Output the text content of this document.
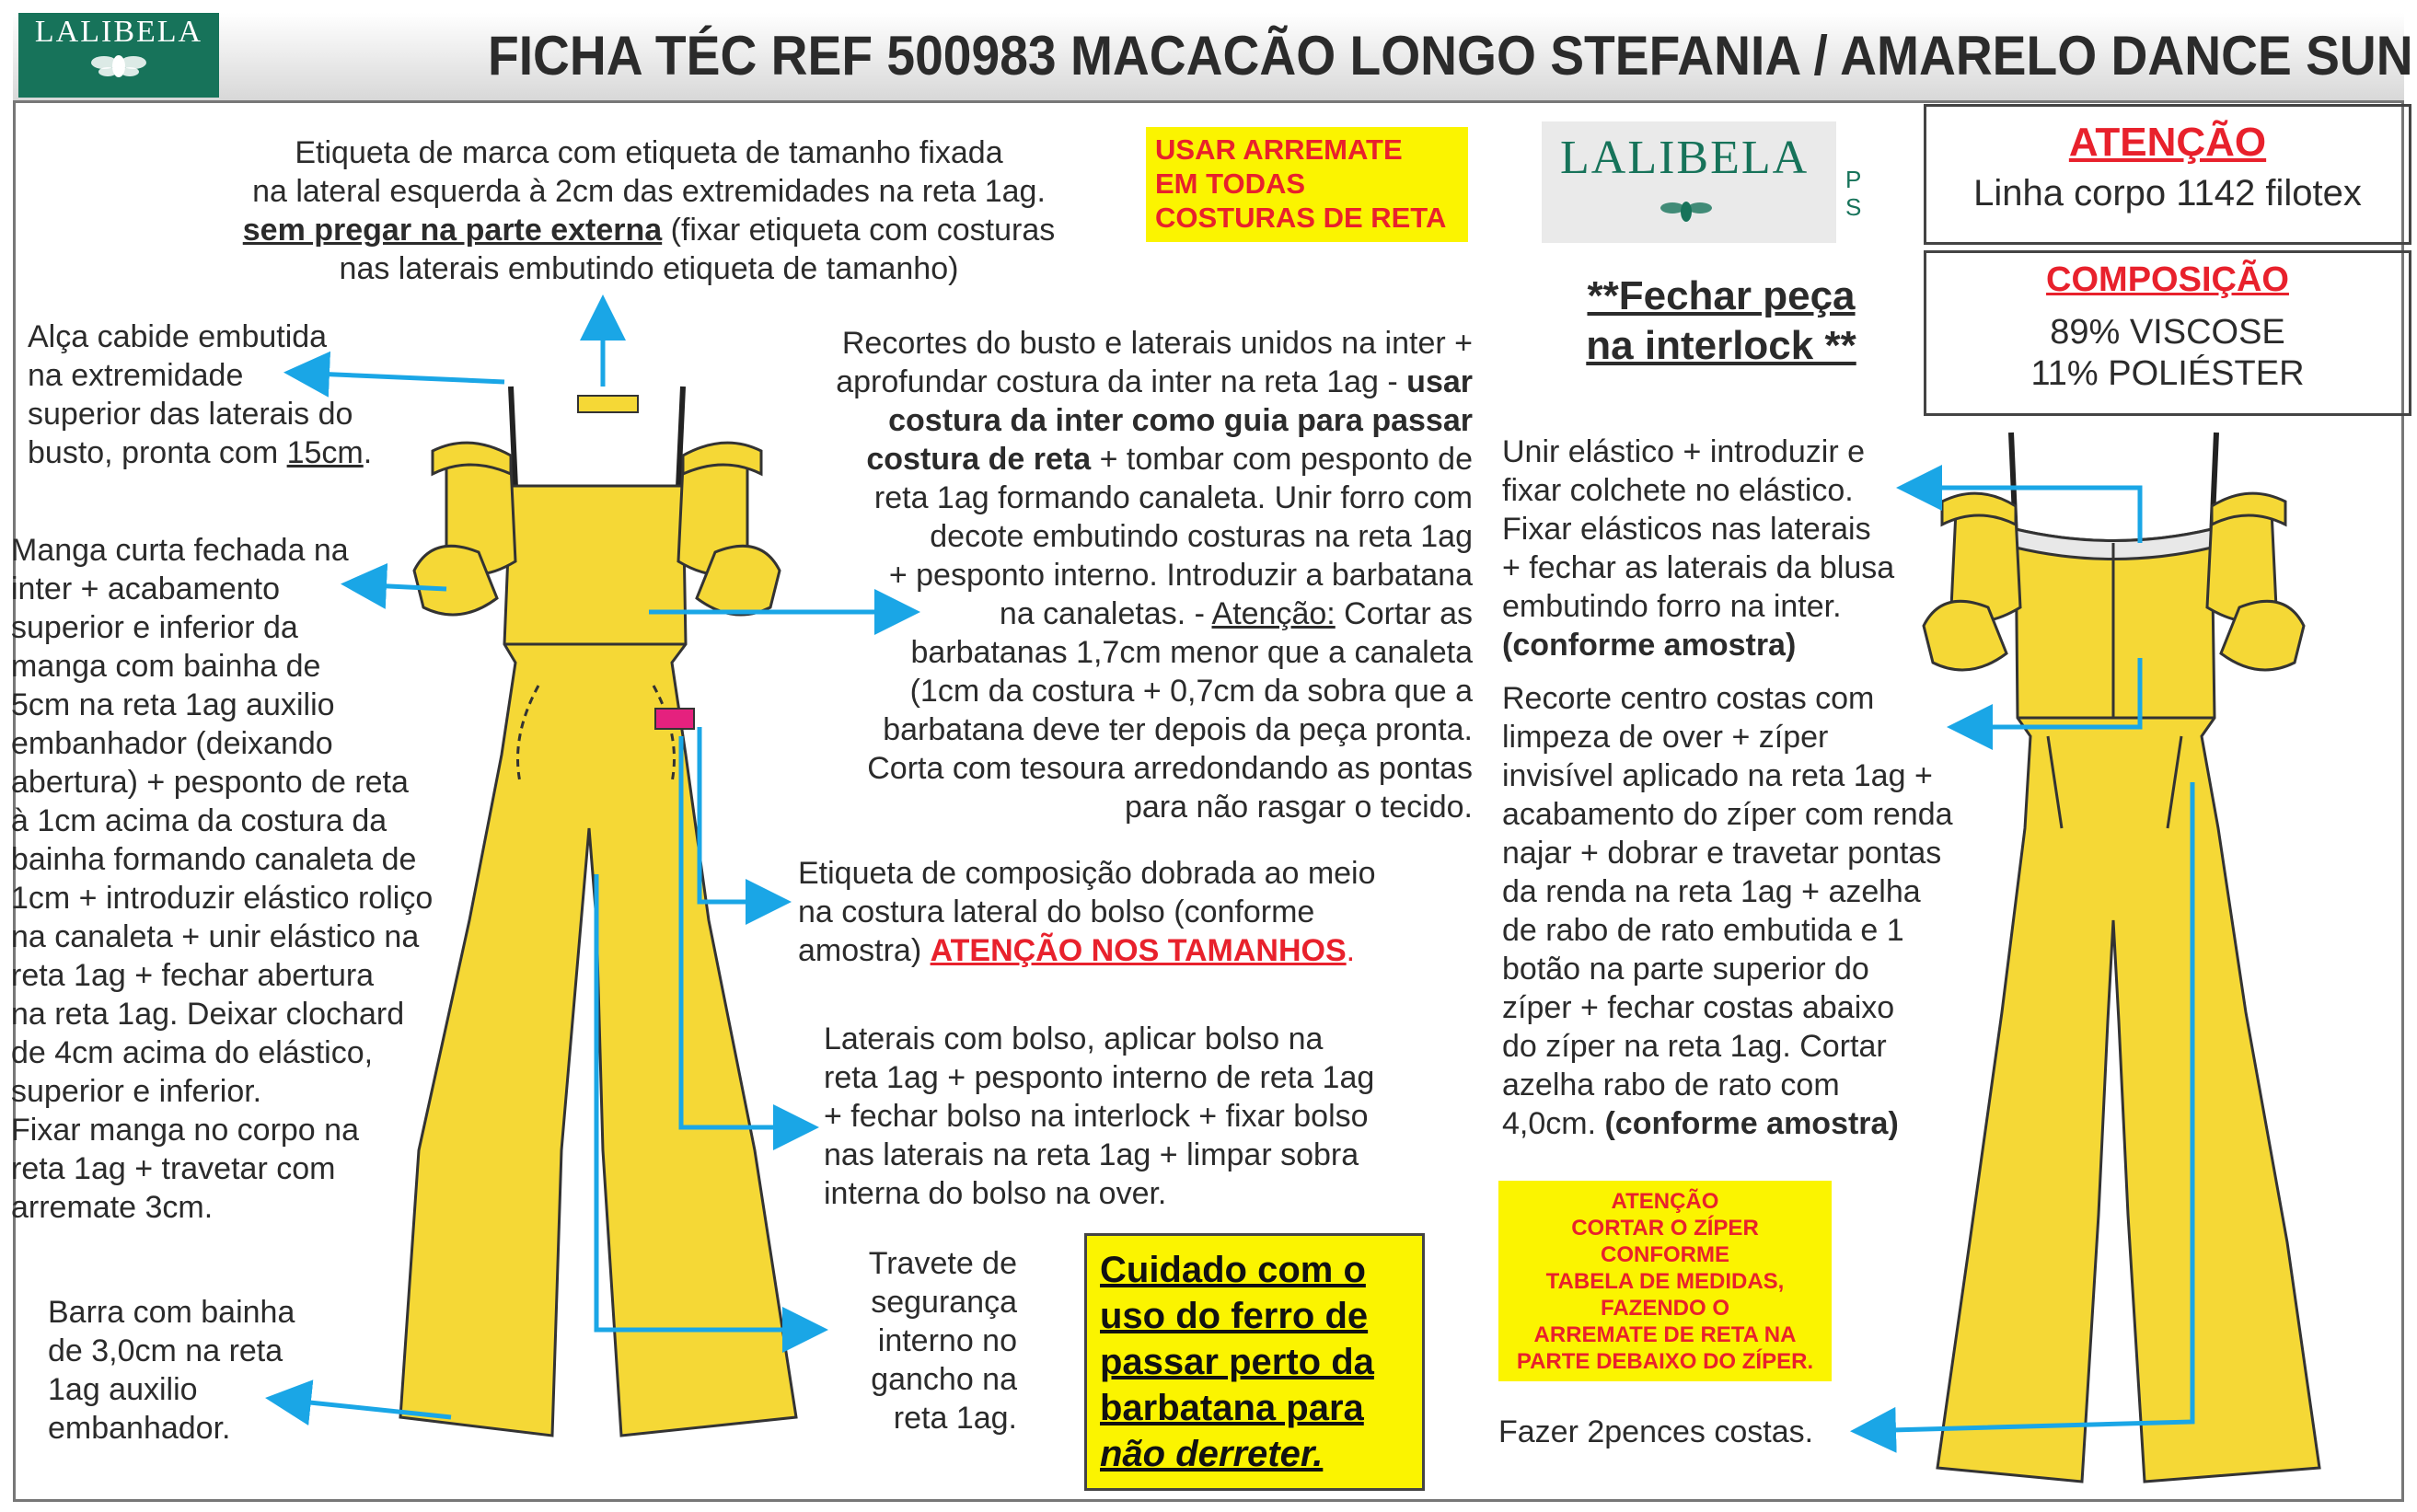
LALIBELA	FICHA TÉC REF 500983 MACACÃO LONGO STEFANIA / AMARELO DANCE SUN
Etiqueta de marca com etiqueta de tamanho fixada
na lateral esquerda à 2cm das extremidades na reta 1ag.
sem pregar na parte externa (fixar etiqueta com costuras
nas laterais embutindo etiqueta de tamanho)
USAR ARREMATE
EM TODAS
COSTURAS DE RETA
LALIBELA P
S
ATENÇÃO
Linha corpo 1142 filotex
COMPOSIÇÃO
89% VISCOSE
11% POLIÉSTER
**Fechar peça
na interlock **
Alça cabide embutida
na extremidade
superior das laterais do
busto, pronta com 15cm.
Manga curta fechada na
inter + acabamento
superior e inferior da
manga com bainha de
5cm na reta 1ag auxilio
embanhador (deixando
abertura) + pesponto de reta
à 1cm acima da costura da
bainha formando canaleta de
1cm + introduzir elástico roliço
na canaleta + unir elástico na
reta 1ag + fechar abertura
na reta 1ag. Deixar clochard
de 4cm acima do elástico,
superior e inferior.
Fixar manga no corpo na
reta 1ag + travetar com
arremate 3cm.
Barra com bainha
de 3,0cm na reta
1ag auxilio
embanhador.
Recortes do busto e laterais unidos na inter +
aprofundar costura da inter na reta 1ag - usar
costura da inter como guia para passar
costura de reta + tombar com pesponto de
reta 1ag formando canaleta. Unir forro com
decote embutindo costuras na reta 1ag
+ pesponto interno. Introduzir a barbatana
na canaletas. - Atenção: Cortar as
barbatanas 1,7cm menor que a canaleta
(1cm da costura + 0,7cm da sobra que a
barbatana deve ter depois da peça pronta.
Corta com tesoura arredondando as pontas
para não rasgar o tecido.
Etiqueta de composição dobrada ao meio
na costura lateral do bolso (conforme
amostra) ATENÇÃO NOS TAMANHOS.
Laterais com bolso, aplicar bolso na
reta 1ag + pesponto interno de reta 1ag
+ fechar bolso na interlock + fixar bolso
nas laterais na reta 1ag + limpar sobra
interna do bolso na over.
Travete de
segurança
interno no
gancho na
reta 1ag.
Cuidado com o
uso do ferro de
passar perto da
barbatana para
não derreter.
Unir elástico + introduzir e
fixar colchete no elástico.
Fixar elásticos nas laterais
+ fechar as laterais da blusa
embutindo forro na inter.
(conforme amostra)
Recorte centro costas com
limpeza de over + zíper
invisível aplicado na reta 1ag +
acabamento do zíper com renda
najar + dobrar e travetar pontas
da renda na reta 1ag + azelha
de rabo de rato embutida e 1
botão na parte superior do
zíper + fechar costas abaixo
do zíper na reta 1ag. Cortar
azelha rabo de rato com
4,0cm. (conforme amostra)
ATENÇÃO
CORTAR O ZÍPER
CONFORME
TABELA DE MEDIDAS,
FAZENDO O
ARREMATE DE RETA NA
PARTE DEBAIXO DO ZÍPER.
Fazer 2pences costas.
